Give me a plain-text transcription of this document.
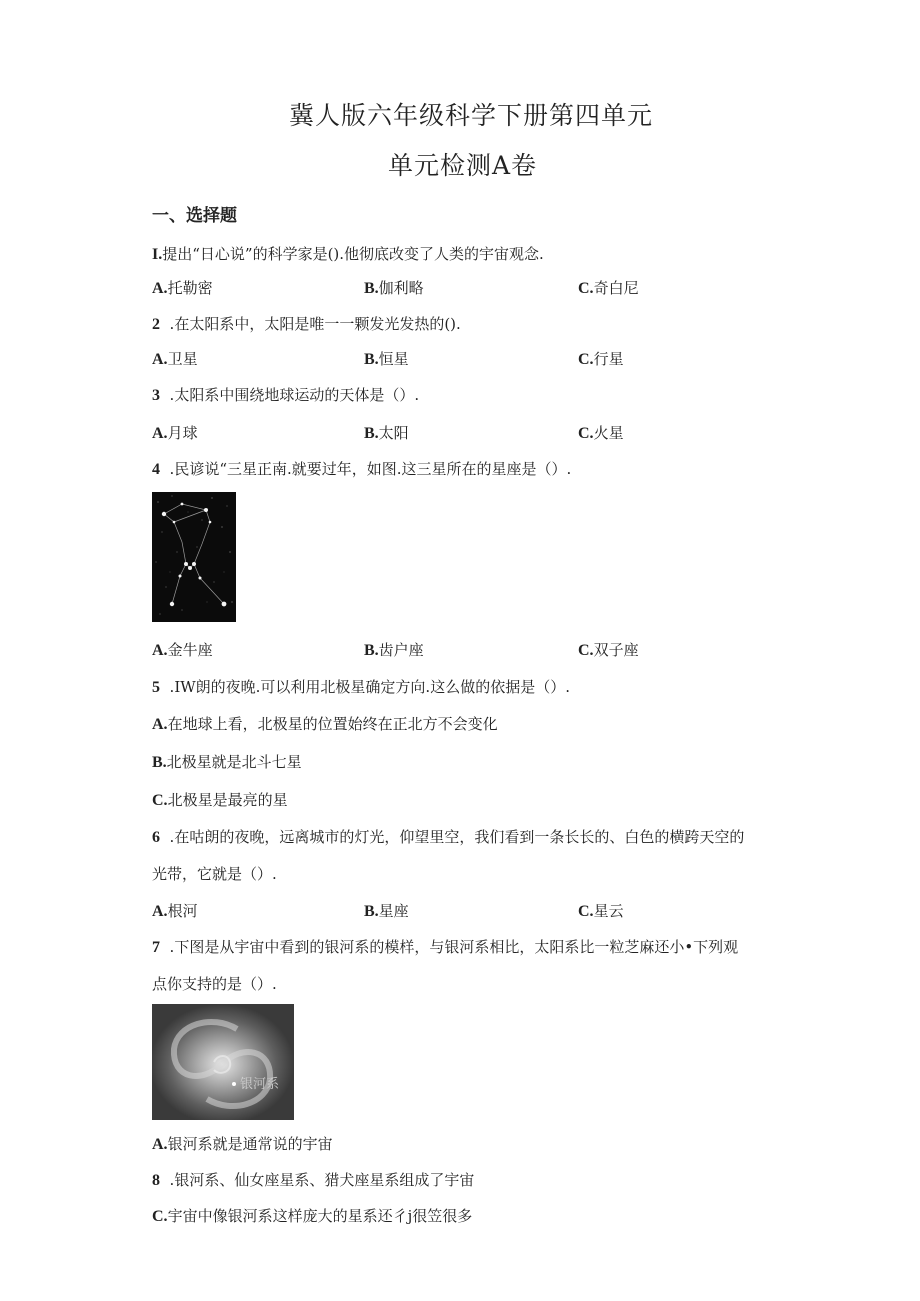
冀人版六年级科学下册第四单元
单元检测A卷
一、选择题
I.提出“日心说”的科学家是().他彻底改变了人类的宇宙观念.
A.托勒密	B.伽利略	C.奇白尼
2 .在太阳系中，太阳是唯一一颗发光发热的().
A.卫星	B.恒星	C.行星
3 .太阳系中围绕地球运动的天体是（）.
A.月球	B.太阳	C.火星
4 .民谚说“三星正南.就要过年，如图.这三星所在的星座是（）.
A.金牛座	B.齿户座	C.双子座
5 .IW朗的夜晚.可以利用北极星确定方向.这么做的依据是（）.
A.在地球上看，北极星的位置始终在正北方不会变化
B.北极星就是北斗七星
C.北极星是最亮的星
6 .在咕朗的夜晚，远离城市的灯光，仰望里空，我们看到一条长长的、白色的横跨天空的
光带，它就是（）.
A.根河	B.星座	C.星云
7 .下图是从宇宙中看到的银河系的模样，与银河系相比，太阳系比一粒芝麻还小•下列观
点你支持的是（）.
银河系
A.银河系就是通常说的宇宙
8 .银河系、仙女座星系、猎犬座星系组成了宇宙
C.宇宙中像银河系这样庞大的星系还彳j很笠很多
